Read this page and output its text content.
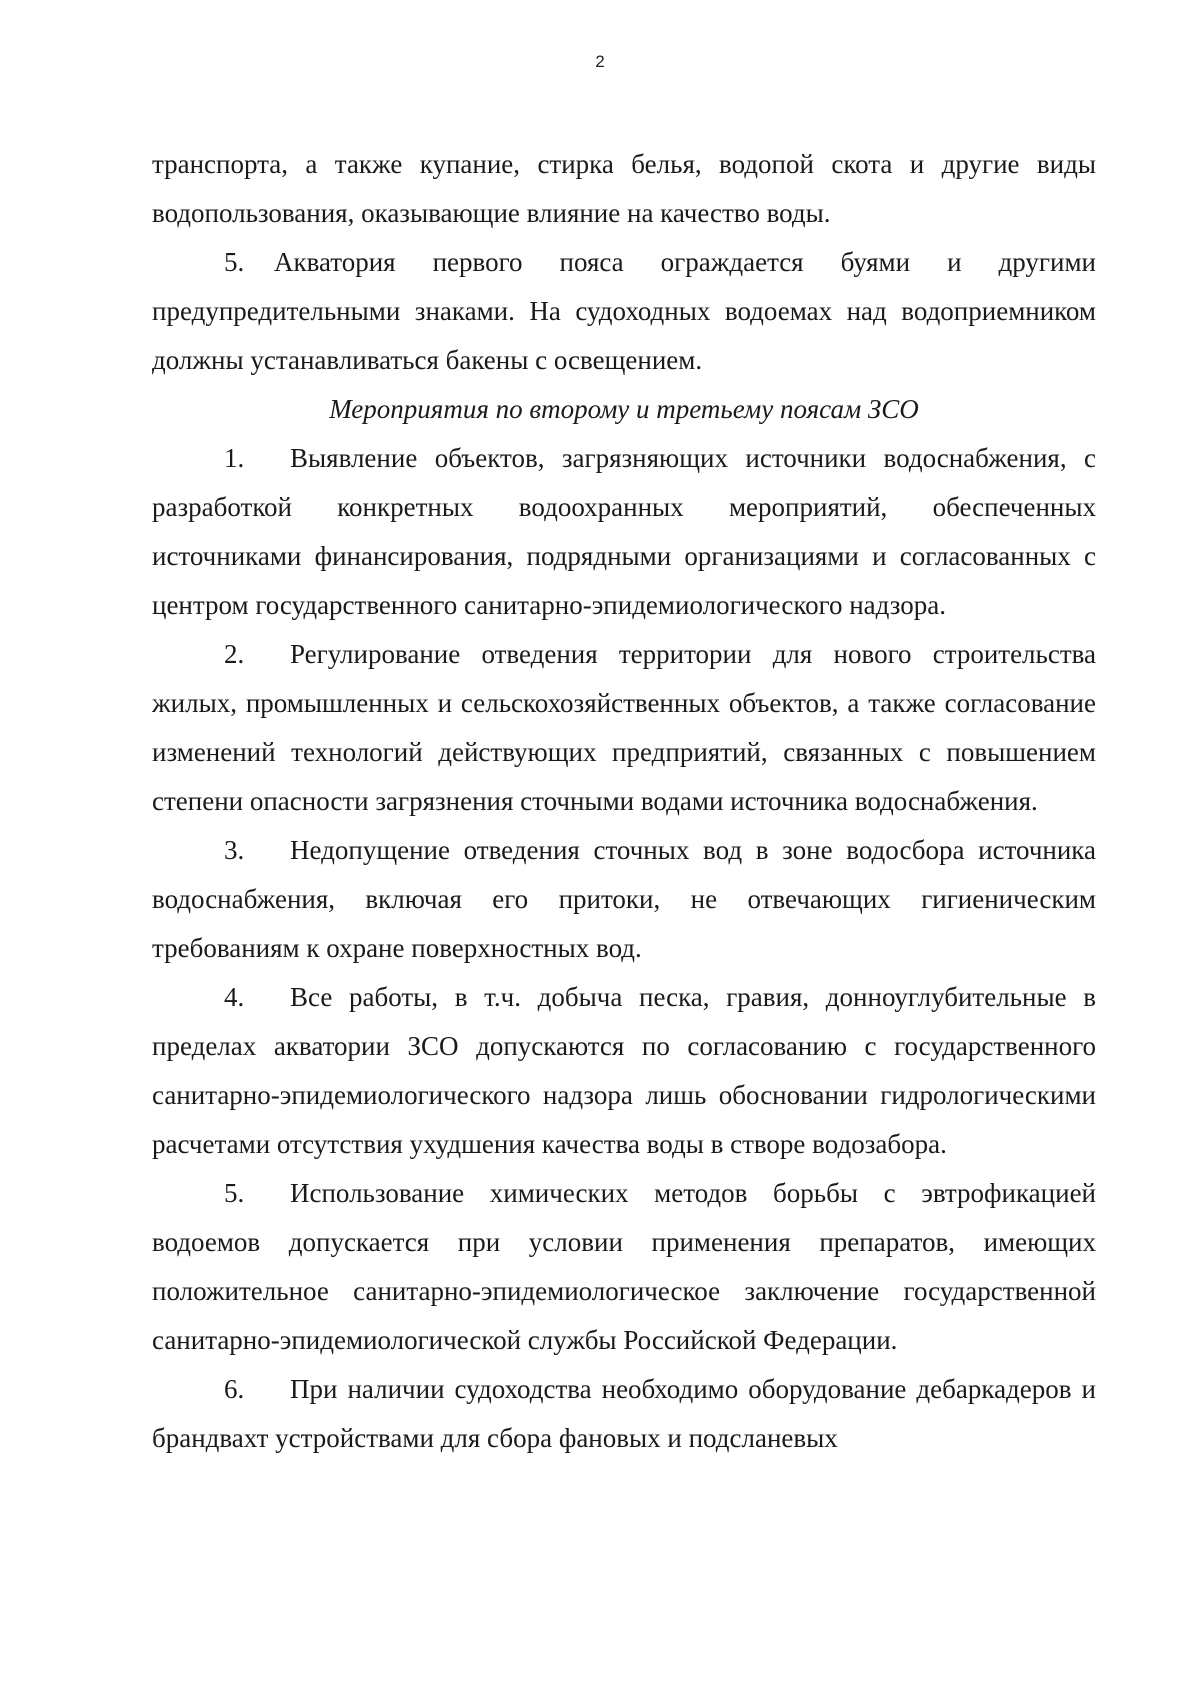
2

транспорта, а также купание, стирка белья, водопой скота и другие виды водопользования, оказывающие влияние на качество воды.

5. Акватория первого пояса ограждается буями и другими предупредительными знаками. На судоходных водоемах над водоприемником должны устанавливаться бакены с освещением.

Мероприятия по второму и третьему поясам ЗСО

1. Выявление объектов, загрязняющих источники водоснабжения, с разработкой конкретных водоохранных мероприятий, обеспеченных источниками финансирования, подрядными организациями и согласованных с центром государственного санитарно-эпидемиологического надзора.

2. Регулирование отведения территории для нового строительства жилых, промышленных и сельскохозяйственных объектов, а также согласование изменений технологий действующих предприятий, связанных с повышением степени опасности загрязнения сточными водами источника водоснабжения.

3. Недопущение отведения сточных вод в зоне водосбора источника водоснабжения, включая его притоки, не отвечающих гигиеническим требованиям к охране поверхностных вод.

4. Все работы, в т.ч. добыча песка, гравия, донноуглубительные в пределах акватории ЗСО допускаются по согласованию с государственного санитарно-эпидемиологического надзора лишь обосновании гидрологическими расчетами отсутствия ухудшения качества воды в створе водозабора.

5. Использование химических методов борьбы с эвтрофикацией водоемов допускается при условии применения препаратов, имеющих положительное санитарно-эпидемиологическое заключение государственной санитарно-эпидемиологической службы Российской Федерации.

6. При наличии судоходства необходимо оборудование дебаркадеров и брандвахт устройствами для сбора фановых и подсланевых
